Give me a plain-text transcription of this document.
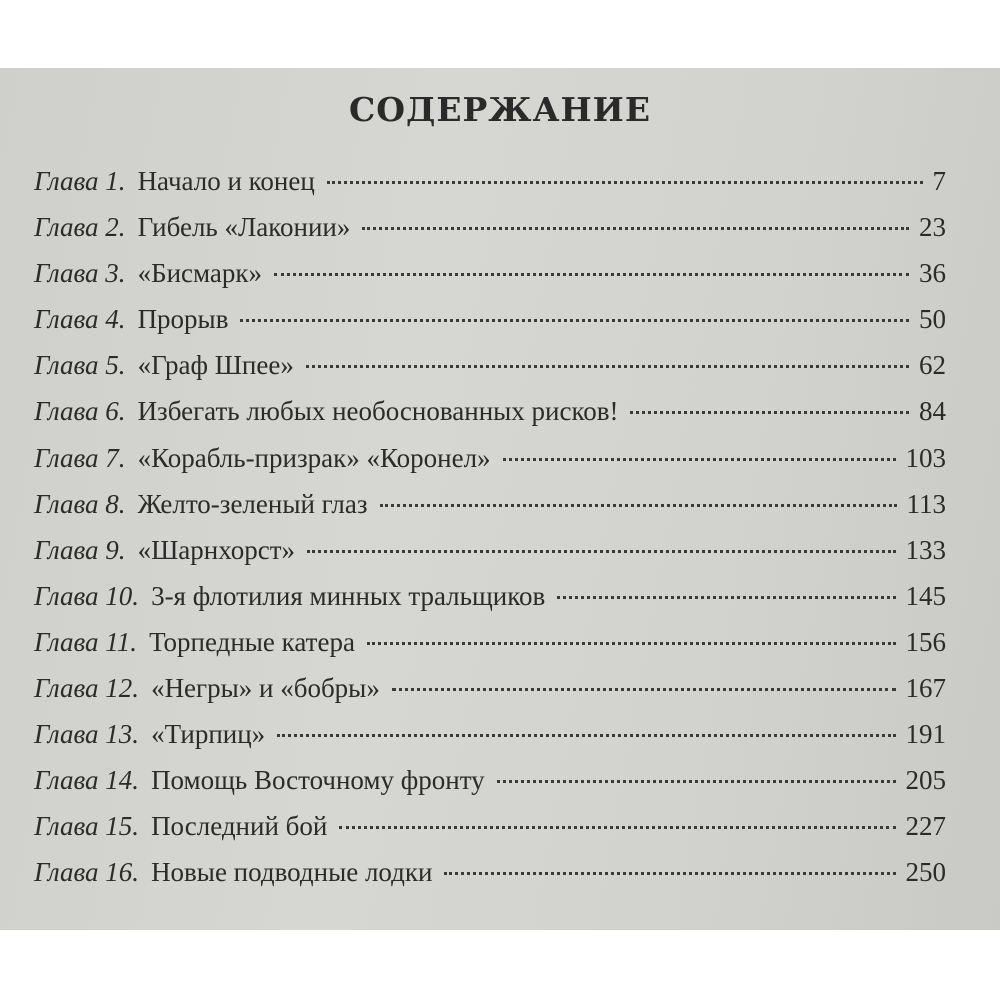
СОДЕРЖАНИЕ
Глава 1. Начало и конец	7
Глава 2. Гибель «Лаконии»	23
Глава 3. «Бисмарк»	36
Глава 4. Прорыв	50
Глава 5. «Граф Шпее»	62
Глава 6. Избегать любых необоснованных рисков!	84
Глава 7. «Корабль-призрак» «Коронел»	103
Глава 8. Желто-зеленый глаз	113
Глава 9. «Шарнхорст»	133
Глава 10. 3-я флотилия минных тральщиков	145
Глава 11. Торпедные катера	156
Глава 12. «Негры» и «бобры»	167
Глава 13. «Тирпиц»	191
Глава 14. Помощь Восточному фронту	205
Глава 15. Последний бой	227
Глава 16. Новые подводные лодки	250
